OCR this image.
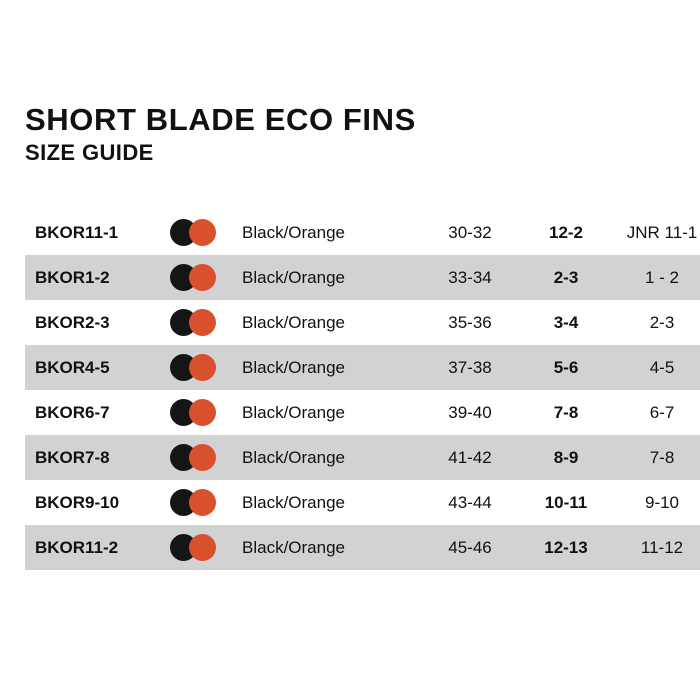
SHORT BLADE ECO FINS
SIZE GUIDE
BKOR11-1		Black/Orange	30-32	12-2	JNR 11-1
BKOR1-2		Black/Orange	33-34	2-3	1 - 2
BKOR2-3		Black/Orange	35-36	3-4	2-3
BKOR4-5		Black/Orange	37-38	5-6	4-5
BKOR6-7		Black/Orange	39-40	7-8	6-7
BKOR7-8		Black/Orange	41-42	8-9	7-8
BKOR9-10		Black/Orange	43-44	10-11	9-10
BKOR11-2		Black/Orange	45-46	12-13	11-12
